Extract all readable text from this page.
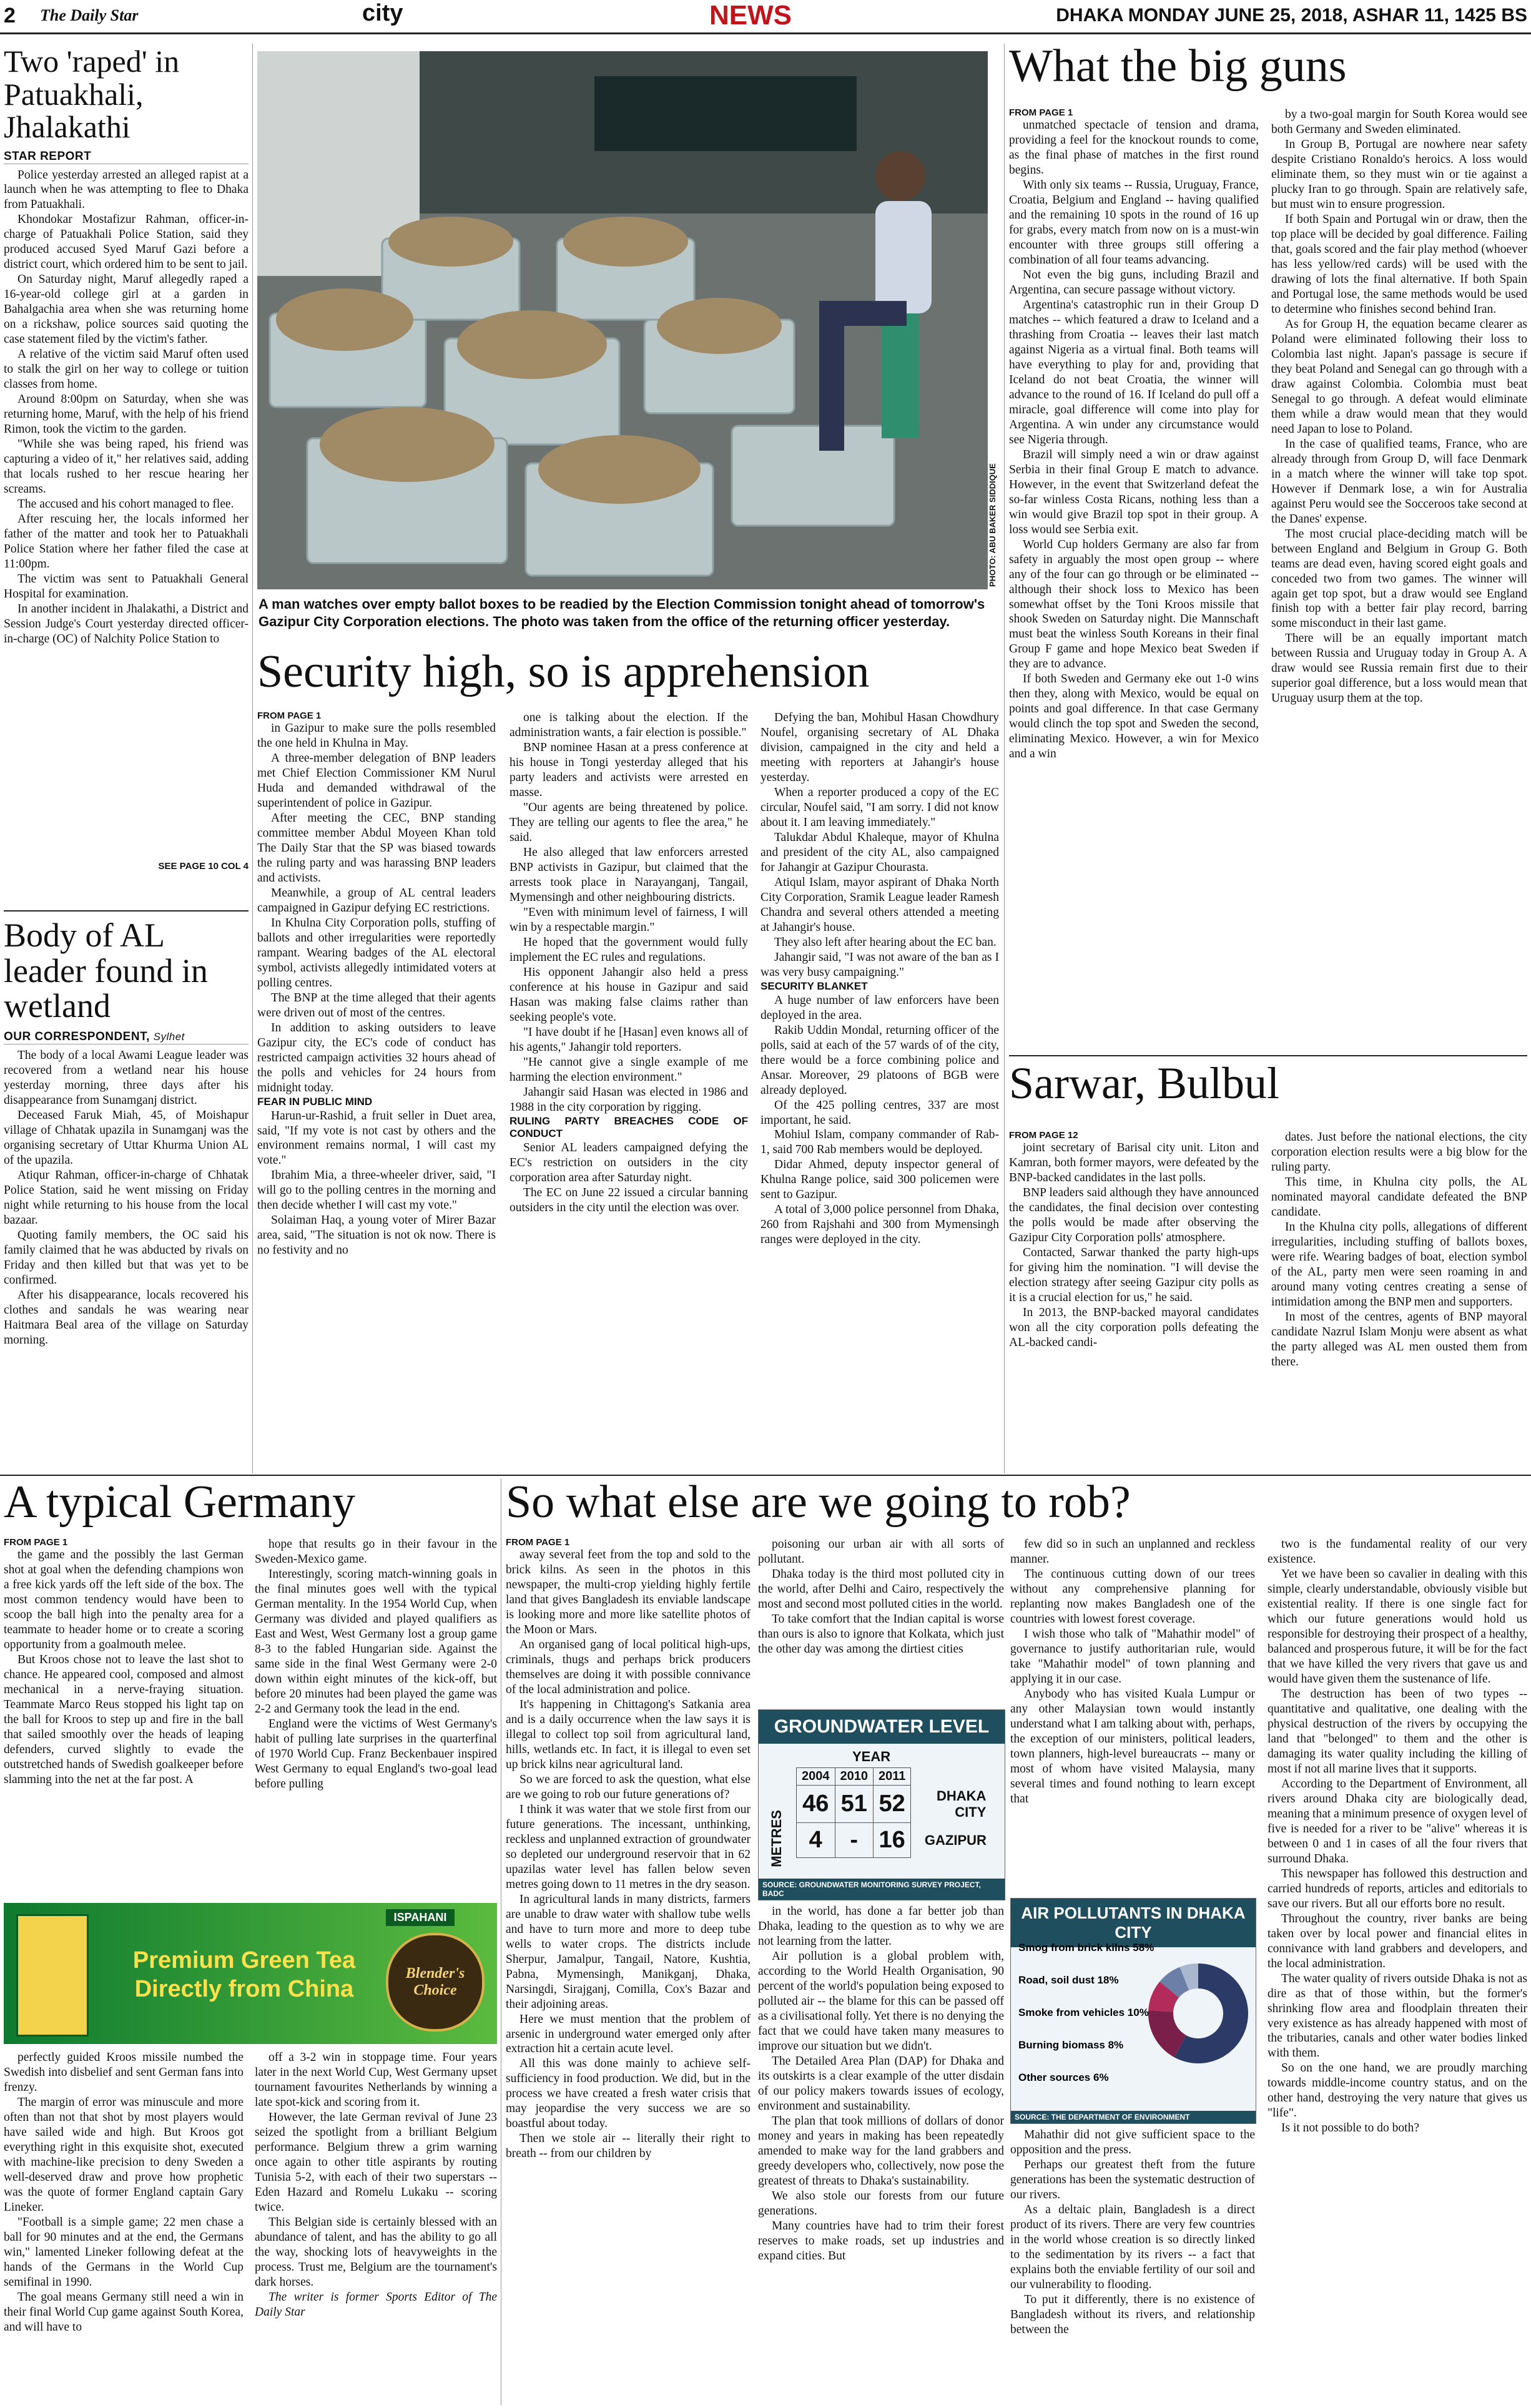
2 The Daily Star	city	NEWS	DHAKA MONDAY JUNE 25, 2018, ASHAR 11, 1425 BS
Two 'raped' in Patuakhali, Jhalakathi
STAR REPORT

Police yesterday arrested an alleged rapist at a launch when he was attempting to flee to Dhaka from Patuakhali.

Khondokar Mostafizur Rahman, officer-in-charge of Patuakhali Police Station, said they produced accused Syed Maruf Gazi before a district court, which ordered him to be sent to jail.

On Saturday night, Maruf allegedly raped a 16-year-old college girl at a garden in Bahalgachia area when she was returning home on a rickshaw, police sources said quoting the case statement filed by the victim's father.

A relative of the victim said Maruf often used to stalk the girl on her way to college or tuition classes from home.

Around 8:00pm on Saturday, when she was returning home, Maruf, with the help of his friend Rimon, took the victim to the garden.

"While she was being raped, his friend was capturing a video of it," her relatives said, adding that locals rushed to her rescue hearing her screams.

The accused and his cohort managed to flee.

After rescuing her, the locals informed her father of the matter and took her to Patuakhali Police Station where her father filed the case at 11:00pm.

The victim was sent to Patuakhali General Hospital for examination.

In another incident in Jhalakathi, a District and Session Judge's Court yesterday directed officer-in-charge (OC) of Nalchity Police Station to

SEE PAGE 10 COL 4
Body of AL leader found in wetland
OUR CORRESPONDENT, Sylhet

The body of a local Awami League leader was recovered from a wetland near his house yesterday morning, three days after his disappearance from Sunamganj district.

Deceased Faruk Miah, 45, of Moishapur village of Chhatak upazila in Sunamganj was the organising secretary of Uttar Khurma Union AL of the upazila.

Atiqur Rahman, officer-in-charge of Chhatak Police Station, said he went missing on Friday night while returning to his house from the local bazaar.

Quoting family members, the OC said his family claimed that he was abducted by rivals on Friday and then killed but that was yet to be confirmed.

After his disappearance, locals recovered his clothes and sandals he was wearing near Haitmara Beal area of the village on Saturday morning.

PHOTO: ABU BAKER SIDDIQUE
A man watches over empty ballot boxes to be readied by the Election Commission tonight ahead of tomorrow's Gazipur City Corporation elections. The photo was taken from the office of the returning officer yesterday.
Security high, so is apprehension
FROM PAGE 1

in Gazipur to make sure the polls resembled the one held in Khulna in May.

A three-member delegation of BNP leaders met Chief Election Commissioner KM Nurul Huda and demanded withdrawal of the superintendent of police in Gazipur.

After meeting the CEC, BNP standing committee member Abdul Moyeen Khan told The Daily Star that the SP was biased towards the ruling party and was harassing BNP leaders and activists.

Meanwhile, a group of AL central leaders campaigned in Gazipur defying EC restrictions.

In Khulna City Corporation polls, stuffing of ballots and other irregularities were reportedly rampant. Wearing badges of the AL electoral symbol, activists allegedly intimidated voters at polling centres.

The BNP at the time alleged that their agents were driven out of most of the centres.

In addition to asking outsiders to leave Gazipur city, the EC's code of conduct has restricted campaign activities 32 hours ahead of the polls and vehicles for 24 hours from midnight today.

FEAR IN PUBLIC MIND

Harun-ur-Rashid, a fruit seller in Duet area, said, "If my vote is not cast by others and the environment remains normal, I will cast my vote."

Ibrahim Mia, a three-wheeler driver, said, "I will go to the polling centres in the morning and then decide whether I will cast my vote."

Solaiman Haq, a young voter of Mirer Bazar area, said, "The situation is not ok now. There is no festivity and no

one is talking about the election. If the administration wants, a fair election is possible."

BNP nominee Hasan at a press conference at his house in Tongi yesterday alleged that his party leaders and activists were arrested en masse.

"Our agents are being threatened by police. They are telling our agents to flee the area," he said.

He also alleged that law enforcers arrested BNP activists in Gazipur, but claimed that the arrests took place in Narayanganj, Tangail, Mymensingh and other neighbouring districts.

"Even with minimum level of fairness, I will win by a respectable margin."

He hoped that the government would fully implement the EC rules and regulations.

His opponent Jahangir also held a press conference at his house in Gazipur and said Hasan was making false claims rather than seeking people's vote.

"I have doubt if he [Hasan] even knows all of his agents," Jahangir told reporters.

"He cannot give a single example of me harming the election environment."

Jahangir said Hasan was elected in 1986 and 1988 in the city corporation by rigging.

RULING PARTY BREACHES CODE OF CONDUCT

Senior AL leaders campaigned defying the EC's restriction on outsiders in the city corporation area after Saturday night.

The EC on June 22 issued a circular banning outsiders in the city until the election was over.

Defying the ban, Mohibul Hasan Chowdhury Noufel, organising secretary of AL Dhaka division, campaigned in the city and held a meeting with reporters at Jahangir's house yesterday.

When a reporter produced a copy of the EC circular, Noufel said, "I am sorry. I did not know about it. I am leaving immediately."

Talukdar Abdul Khaleque, mayor of Khulna and president of the city AL, also campaigned for Jahangir at Gazipur Chourasta.

Atiqul Islam, mayor aspirant of Dhaka North City Corporation, Sramik League leader Ramesh Chandra and several others attended a meeting at Jahangir's house.

They also left after hearing about the EC ban.

Jahangir said, "I was not aware of the ban as I was very busy campaigning."

SECURITY BLANKET

A huge number of law enforcers have been deployed in the area.

Rakib Uddin Mondal, returning officer of the polls, said at each of the 57 wards of of the city, there would be a force combining police and Ansar. Moreover, 29 platoons of BGB were already deployed.

Of the 425 polling centres, 337 are most important, he said.

Mohiul Islam, company commander of Rab-1, said 700 Rab members would be deployed.

Didar Ahmed, deputy inspector general of Khulna Range police, said 300 policemen were sent to Gazipur.

A total of 3,000 police personnel from Dhaka, 260 from Rajshahi and 300 from Mymensingh ranges were deployed in the city.

What the big guns
FROM PAGE 1

unmatched spectacle of tension and drama, providing a feel for the knockout rounds to come, as the final phase of matches in the first round begins.

With only six teams -- Russia, Uruguay, France, Croatia, Belgium and England -- having qualified and the remaining 10 spots in the round of 16 up for grabs, every match from now on is a must-win encounter with three groups still offering a combination of all four teams advancing.

Not even the big guns, including Brazil and Argentina, can secure passage without victory.

Argentina's catastrophic run in their Group D matches -- which featured a draw to Iceland and a thrashing from Croatia -- leaves their last match against Nigeria as a virtual final. Both teams will have everything to play for and, providing that Iceland do not beat Croatia, the winner will advance to the round of 16. If Iceland do pull off a miracle, goal difference will come into play for Argentina. A win under any circumstance would see Nigeria through.

Brazil will simply need a win or draw against Serbia in their final Group E match to advance. However, in the event that Switzerland defeat the so-far winless Costa Ricans, nothing less than a win would give Brazil top spot in their group. A loss would see Serbia exit.

World Cup holders Germany are also far from safety in arguably the most open group -- where any of the four can go through or be eliminated -- although their shock loss to Mexico has been somewhat offset by the Toni Kroos missile that shook Sweden on Saturday night. Die Mannschaft must beat the winless South Koreans in their final Group F game and hope Mexico beat Sweden if they are to advance.

If both Sweden and Germany eke out 1-0 wins then they, along with Mexico, would be equal on points and goal difference. In that case Germany would clinch the top spot and Sweden the second, eliminating Mexico. However, a win for Mexico and a win

by a two-goal margin for South Korea would see both Germany and Sweden eliminated.

In Group B, Portugal are nowhere near safety despite Cristiano Ronaldo's heroics. A loss would eliminate them, so they must win or tie against a plucky Iran to go through. Spain are relatively safe, but must win to ensure progression.

If both Spain and Portugal win or draw, then the top place will be decided by goal difference. Failing that, goals scored and the fair play method (whoever has less yellow/red cards) will be used with the drawing of lots the final alternative. If both Spain and Portugal lose, the same methods would be used to determine who finishes second behind Iran.

As for Group H, the equation became clearer as Poland were eliminated following their loss to Colombia last night. Japan's passage is secure if they beat Poland and Senegal can go through with a draw against Colombia. Colombia must beat Senegal to go through. A defeat would eliminate them while a draw would mean that they would need Japan to lose to Poland.

In the case of qualified teams, France, who are already through from Group D, will face Denmark in a match where the winner will take top spot. However if Denmark lose, a win for Australia against Peru would see the Socceroos take second at the Danes' expense.

The most crucial place-deciding match will be between England and Belgium in Group G. Both teams are dead even, having scored eight goals and conceded two from two games. The winner will again get top spot, but a draw would see England finish top with a better fair play record, barring some misconduct in their last game.

There will be an equally important match between Russia and Uruguay today in Group A. A draw would see Russia remain first due to their superior goal difference, but a loss would mean that Uruguay usurp them at the top.

Sarwar, Bulbul
FROM PAGE 12

joint secretary of Barisal city unit. Liton and Kamran, both former mayors, were defeated by the BNP-backed candidates in the last polls.

BNP leaders said although they have announced the candidates, the final decision over contesting the polls would be made after observing the Gazipur City Corporation polls' atmosphere.

Contacted, Sarwar thanked the party high-ups for giving him the nomination. "I will devise the election strategy after seeing Gazipur city polls as it is a crucial election for us," he said.

In 2013, the BNP-backed mayoral candidates won all the city corporation polls defeating the AL-backed candi-

dates. Just before the national elections, the city corporation election results were a big blow for the ruling party.

This time, in Khulna city polls, the AL nominated mayoral candidate defeated the BNP candidate.

In the Khulna city polls, allegations of different irregularities, including stuffing of ballots boxes, were rife. Wearing badges of boat, election symbol of the AL, party men were seen roaming in and around many voting centres creating a sense of intimidation among the BNP men and supporters.

In most of the centres, agents of BNP mayoral candidate Nazrul Islam Monju were absent as what the party alleged was AL men ousted them from there.

A typical Germany
FROM PAGE 1

the game and the possibly the last German shot at goal when the defending champions won a free kick yards off the left side of the box. The most common tendency would have been to scoop the ball high into the penalty area for a teammate to header home or to create a scoring opportunity from a goalmouth melee.

But Kroos chose not to leave the last shot to chance. He appeared cool, composed and almost mechanical in a nerve-fraying situation. Teammate Marco Reus stopped his light tap on the ball for Kroos to step up and fire in the ball that sailed smoothly over the heads of leaping defenders, curved slightly to evade the outstretched hands of Swedish goalkeeper before slamming into the net at the far post. A

hope that results go in their favour in the Sweden-Mexico game.

Interestingly, scoring match-winning goals in the final minutes goes well with the typical German mentality. In the 1954 World Cup, when Germany was divided and played qualifiers as East and West, West Germany lost a group game 8-3 to the fabled Hungarian side. Against the same side in the final West Germany were 2-0 down within eight minutes of the kick-off, but before 20 minutes had been played the game was 2-2 and Germany took the lead in the end.

England were the victims of West Germany's habit of pulling late surprises in the quarterfinal of 1970 World Cup. Franz Beckenbauer inspired West Germany to equal England's two-goal lead before pulling

Premium Green Tea
Directly from China
ISPAHANI
Blender's Choice

perfectly guided Kroos missile numbed the Swedish into disbelief and sent German fans into frenzy.

The margin of error was minuscule and more often than not that shot by most players would have sailed wide and high. But Kroos got everything right in this exquisite shot, executed with machine-like precision to deny Sweden a well-deserved draw and prove how prophetic was the quote of former England captain Gary Lineker.

"Football is a simple game; 22 men chase a ball for 90 minutes and at the end, the Germans win," lamented Lineker following defeat at the hands of the Germans in the World Cup semifinal in 1990.

The goal means Germany still need a win in their final World Cup game against South Korea, and will have to

off a 3-2 win in stoppage time. Four years later in the next World Cup, West Germany upset tournament favourites Netherlands by winning a late spot-kick and scoring from it.

However, the late German revival of June 23 seized the spotlight from a brilliant Belgium performance. Belgium threw a grim warning once again to other title aspirants by routing Tunisia 5-2, with each of their two superstars -- Eden Hazard and Romelu Lukaku -- scoring twice.

This Belgian side is certainly blessed with an abundance of talent, and has the ability to go all the way, shocking lots of heavyweights in the process. Trust me, Belgium are the tournament's dark horses.

The writer is former Sports Editor of The Daily Star

So what else are we going to rob?
FROM PAGE 1

away several feet from the top and sold to the brick kilns. As seen in the photos in this newspaper, the multi-crop yielding highly fertile land that gives Bangladesh its enviable landscape is looking more and more like satellite photos of the Moon or Mars.

An organised gang of local political high-ups, criminals, thugs and perhaps brick producers themselves are doing it with possible connivance of the local administration and police.

It's happening in Chittagong's Satkania area and is a daily occurrence when the law says it is illegal to collect top soil from agricultural land, hills, wetlands etc. In fact, it is illegal to even set up brick kilns near agricultural land.

So we are forced to ask the question, what else are we going to rob our future generations of?

I think it was water that we stole first from our future generations. The incessant, unthinking, reckless and unplanned extraction of groundwater so depleted our underground reservoir that in 62 upazilas water level has fallen below seven metres going down to 11 metres in the dry season.

In agricultural lands in many districts, farmers are unable to draw water with shallow tube wells and have to turn more and more to deep tube wells to water crops. The districts include Sherpur, Jamalpur, Tangail, Natore, Kushtia, Pabna, Mymensingh, Manikganj, Dhaka, Narsingdi, Sirajganj, Comilla, Cox's Bazar and their adjoining areas.

Here we must mention that the problem of arsenic in underground water emerged only after extraction hit a certain acute level.

All this was done mainly to achieve self-sufficiency in food production. We did, but in the process we have created a fresh water crisis that may jeopardise the very success we are so boastful about today.

Then we stole air -- literally their right to breath -- from our children by

poisoning our urban air with all sorts of pollutant.

Dhaka today is the third most polluted city in the world, after Delhi and Cairo, respectively the most and second most polluted cities in the world.

To take comfort that the Indian capital is worse than ours is also to ignore that Kolkata, which just the other day was among the dirtiest cities

GROUNDWATER LEVEL
YEAR
METRES
2004	2010	2011	
46	51	52	DHAKA CITY
4	-	16	GAZIPUR
SOURCE: GROUNDWATER MONITORING SURVEY PROJECT, BADC

in the world, has done a far better job than Dhaka, leading to the question as to why we are not learning from the latter.

Air pollution is a global problem with, according to the World Health Organisation, 90 percent of the world's population being exposed to polluted air -- the blame for this can be passed off as a civilisational folly. Yet there is no denying the fact that we could have taken many measures to improve our situation but we didn't.

The Detailed Area Plan (DAP) for Dhaka and its outskirts is a clear example of the utter disdain of our policy makers towards issues of ecology, environment and sustainability.

The plan that took millions of dollars of donor money and years in making has been repeatedly amended to make way for the land grabbers and greedy developers who, collectively, now pose the greatest of threats to Dhaka's sustainability.

We also stole our forests from our future generations.

Many countries have had to trim their forest reserves to make roads, set up industries and expand cities. But

few did so in such an unplanned and reckless manner.

The continuous cutting down of our trees without any comprehensive planning for replanting now makes Bangladesh one of the countries with lowest forest coverage.

I wish those who talk of "Mahathir model" of governance to justify authoritarian rule, would take "Mahathir model" of town planning and applying it in our case.

Anybody who has visited Kuala Lumpur or any other Malaysian town would instantly understand what I am talking about with, perhaps, the exception of our ministers, political leaders, town planners, high-level bureaucrats -- many or most of whom have visited Malaysia, many several times and found nothing to learn except that

AIR POLLUTANTS IN DHAKA CITY
Smog from brick kilns 58%
Road, soil dust 18%
Smoke from vehicles 10%
Burning biomass 8%
Other sources 6%
SOURCE: THE DEPARTMENT OF ENVIRONMENT

Mahathir did not give sufficient space to the opposition and the press.

Perhaps our greatest theft from the future generations has been the systematic destruction of our rivers.

As a deltaic plain, Bangladesh is a direct product of its rivers. There are very few countries in the world whose creation is so directly linked to the sedimentation by its rivers -- a fact that explains both the enviable fertility of our soil and our vulnerability to flooding.

To put it differently, there is no existence of Bangladesh without its rivers, and relationship between the

two is the fundamental reality of our very existence.

Yet we have been so cavalier in dealing with this simple, clearly understandable, obviously visible but existential reality. If there is one single fact for which our future generations would hold us responsible for destroying their prospect of a healthy, balanced and prosperous future, it will be for the fact that we have killed the very rivers that gave us and would have given them the sustenance of life.

The destruction has been of two types -- quantitative and qualitative, one dealing with the physical destruction of the rivers by occupying the land that "belonged" to them and the other is damaging its water quality including the killing of most if not all marine lives that it supports.

According to the Department of Environment, all rivers around Dhaka city are biologically dead, meaning that a minimum presence of oxygen level of five is needed for a river to be "alive" whereas it is between 0 and 1 in cases of all the four rivers that surround Dhaka.

This newspaper has followed this destruction and carried hundreds of reports, articles and editorials to save our rivers. But all our efforts bore no result.

Throughout the country, river banks are being taken over by local power and financial elites in connivance with land grabbers and developers, and the local administration.

The water quality of rivers outside Dhaka is not as dire as that of those within, but the former's shrinking flow area and floodplain threaten their very existence as has already happened with most of the tributaries, canals and other water bodies linked with them.

So on the one hand, we are proudly marching towards middle-income country status, and on the other hand, destroying the very nature that gives us "life".

Is it not possible to do both?
